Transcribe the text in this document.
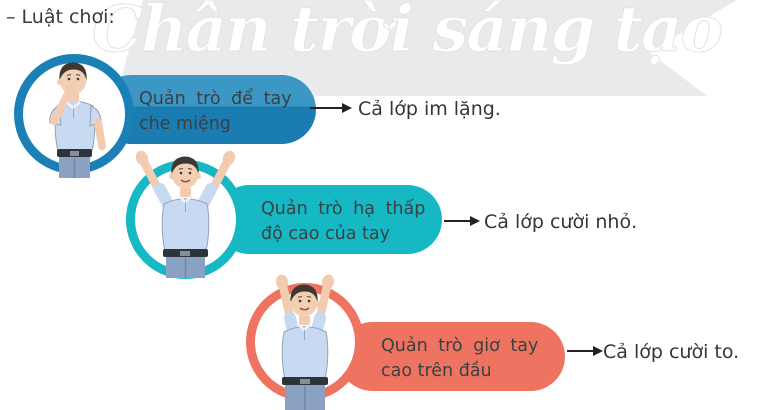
Chân trời sáng tạo
– Luật chơi:
Quản trò để tay
che miệng
Cả lớp im lặng.
Quản trò hạ thấp
độ cao của tay
Cả lớp cười nhỏ.
Quản trò giơ tay
cao trên đầu
Cả lớp cười to.
